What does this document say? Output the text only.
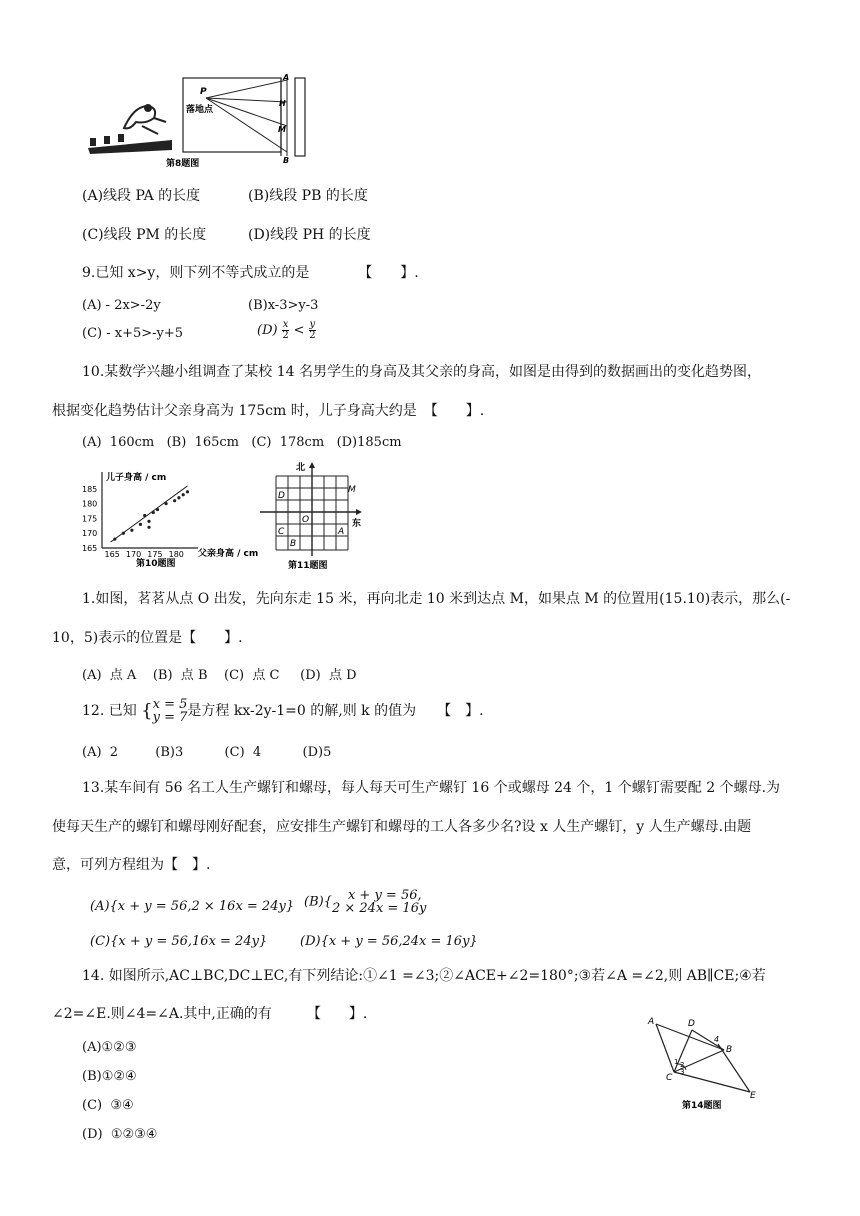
P
落地点
A
H
M
B
第8题图
(A)线段 PA 的长度	(B)线段 PB 的长度
(C)线段 PM 的长度	(D)线段 PH 的长度
9.已知 x>y，则下列不等式成立的是	【　　】.
(A) - 2x>-2y	(B)x-3>y-3
(C) - x+5>-y+5	$(D) \frac{x}{2} < \frac{y}{2}$
10.某数学兴趣小组调查了某校 14 名男学生的身高及其父亲的身高，如图是由得到的数据画出的变化趋势图，
根据变化趋势估计父亲身高为 175cm 时，儿子身高大约是　【　　】.
(A)  160cm   (B)  165cm   (C)  178cm   (D)185cm
儿子身高 / cm
父亲身高 / cm
第10题图
165 170 175 180
165
170
175
180
185
北
东
D
M
C
O
A
B
第11题图
1.如图，茗茗从点 O 出发，先向东走 15 米，再向北走 10 米到达点 M，如果点 M 的位置用(15.10)表示，那么(-
10，5)表示的位置是【　　】.
(A)  点 A    (B)  点 B    (C)  点 C     (D)  点 D
12. 已知 { x = 5
y = 7 是方程 kx-2y-1=0 的解,则 k 的值为　　【　】.
(A)  2         (B)3          (C)  4          (D)5
13.某车间有 56 名工人生产螺钉和螺母，每人每天可生产螺钉 16 个或螺母 24 个，1 个螺钉需要配 2 个螺母.为
使每天生产的螺钉和螺母刚好配套，应安排生产螺钉和螺母的工人各多少名?设 x 人生产螺钉，y 人生产螺母.由题
意，可列方程组为【　】.
(A){x + y = 56,2 × 16x = 24y} (B){	x + y = 56,
2 × 24x = 16y
(C){x + y = 56,16x = 24y}	(D){x + y = 56,24x = 16y}
14. 如图所示,AC⊥BC,DC⊥EC,有下列结论:①∠1 =∠3;②∠ACE+∠2=180°;③若∠A =∠2,则 AB∥CE;④若
∠2=∠E.则∠4=∠A.其中,正确的有　　　【　　】.
(A)①②③
(B)①②④
(C)  ③④
(D)  ①②③④
A	D
B
C
E
4
1 2
3
第14题图
